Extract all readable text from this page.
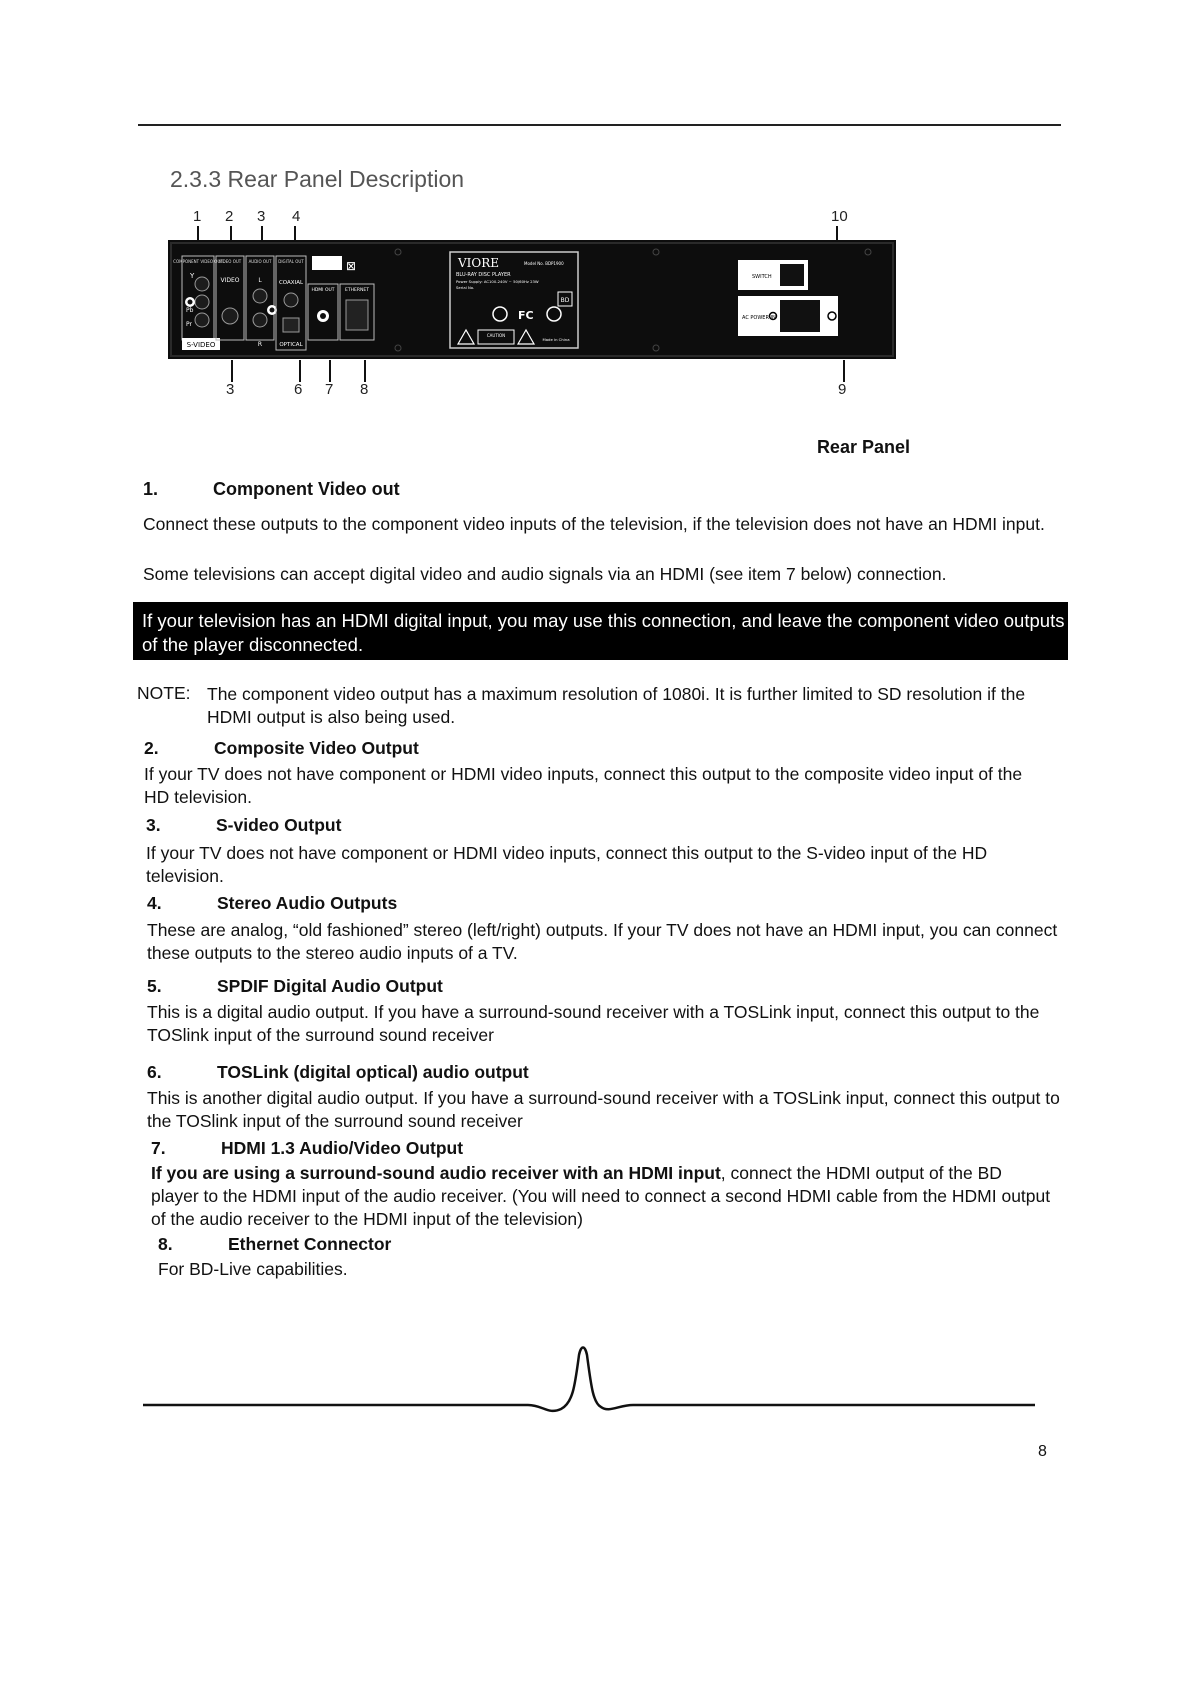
2.3.3 Rear Panel Description
1 2 3 4	10
COMPONENT VIDEO OUT
Y
Pb
Pr
S-VIDEO
VIDEO OUT
VIDEO
AUDIO OUT
L
R
DIGITAL OUT
COAXIAL
OPTICAL
⊠
HDMI OUT ETHERNET
VIORE	Model No. BDP1900
BLU-RAY DISC PLAYER
Power Supply: AC100-240V ~ 50/60Hz 23W
Serial No.
BD
FC
CAUTION
Made in China
SWITCH
AC POWER IN
3	6 7 8	9
Rear Panel
1.	Component Video out
Connect these outputs to the component video inputs of the television, if the television does not have an HDMI input.
Some televisions can accept digital video and audio signals via an HDMI (see item 7 below) connection.
If your television has an HDMI digital input, you may use this connection, and leave the component video outputs of the player disconnected.
NOTE: The component video output has a maximum resolution of 1080i. It is further limited to SD resolution if the HDMI output is also being used.
2.	Composite Video Output
If your TV does not have component or HDMI video inputs, connect this output to the composite video input of the HD television.
3.	S-video Output
If your TV does not have component or HDMI video inputs, connect this output to the S-video input of the HD television.
4.	Stereo Audio Outputs
These are analog, “old fashioned” stereo (left/right) outputs. If your TV does not have an HDMI input, you can connect these outputs to the stereo audio inputs of a TV.
5.	SPDIF Digital Audio Output
This is a digital audio output. If you have a surround-sound receiver with a TOSLink input, connect this output to the TOSlink input of the surround sound receiver
6.	TOSLink (digital optical) audio output
This is another digital audio output. If you have a surround-sound receiver with a TOSLink input, connect this output to the TOSlink input of the surround sound receiver
7.	HDMI 1.3 Audio/Video Output
If you are using a surround-sound audio receiver with an HDMI input, connect the HDMI output of the BD player to the HDMI input of the audio receiver. (You will need to connect a second HDMI cable from the HDMI output of the audio receiver to the HDMI input of the television)
8.	Ethernet Connector
For BD-Live capabilities.
8
